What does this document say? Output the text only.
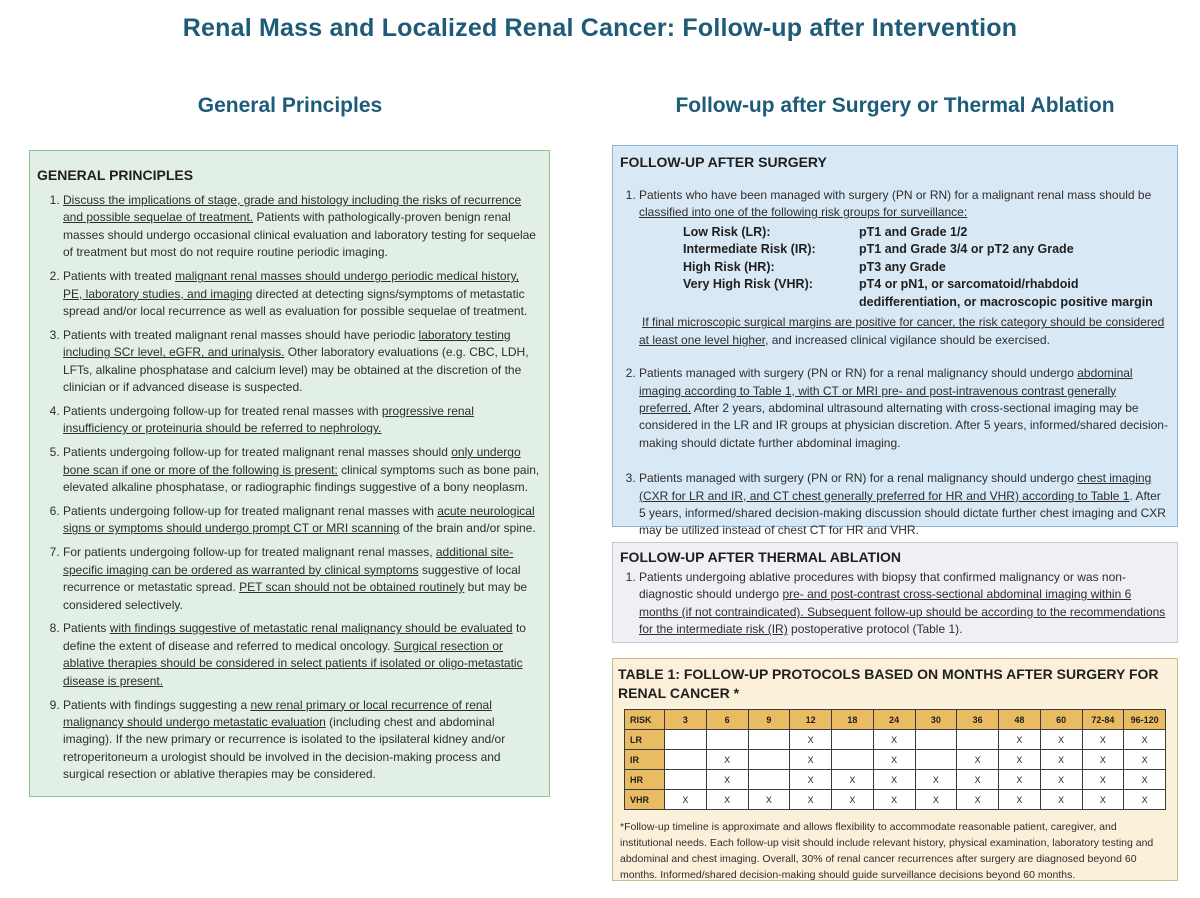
Renal Mass and Localized Renal Cancer: Follow-up after Intervention
General Principles	Follow-up after Surgery or Thermal Ablation
GENERAL PRINCIPLES
1. Discuss the implications of stage, grade and histology including the risks of recurrence and possible sequelae of treatment. Patients with pathologically-proven benign renal masses should undergo occasional clinical evaluation and laboratory testing for sequelae of treatment but most do not require routine periodic imaging.
2. Patients with treated malignant renal masses should undergo periodic medical history, PE, laboratory studies, and imaging directed at detecting signs/symptoms of metastatic spread and/or local recurrence as well as evaluation for possible sequelae of treatment.
3. Patients with treated malignant renal masses should have periodic laboratory testing including SCr level, eGFR, and urinalysis. Other laboratory evaluations (e.g. CBC, LDH, LFTs, alkaline phosphatase and calcium level) may be obtained at the discretion of the clinician or if advanced disease is suspected.
4. Patients undergoing follow-up for treated renal masses with progressive renal insufficiency or proteinuria should be referred to nephrology.
5. Patients undergoing follow-up for treated malignant renal masses should only undergo bone scan if one or more of the following is present: clinical symptoms such as bone pain, elevated alkaline phosphatase, or radiographic findings suggestive of a bony neoplasm.
6. Patients undergoing follow-up for treated malignant renal masses with acute neurological signs or symptoms should undergo prompt CT or MRI scanning of the brain and/or spine.
7. For patients undergoing follow-up for treated malignant renal masses, additional site-specific imaging can be ordered as warranted by clinical symptoms suggestive of local recurrence or metastatic spread. PET scan should not be obtained routinely but may be considered selectively.
8. Patients with findings suggestive of metastatic renal malignancy should be evaluated to define the extent of disease and referred to medical oncology. Surgical resection or ablative therapies should be considered in select patients if isolated or oligo-metastatic disease is present.
9. Patients with findings suggesting a new renal primary or local recurrence of renal malignancy should undergo metastatic evaluation (including chest and abdominal imaging). If the new primary or recurrence is isolated to the ipsilateral kidney and/or retroperitoneum a urologist should be involved in the decision-making process and surgical resection or ablative therapies may be considered.
FOLLOW-UP AFTER SURGERY
1. Patients who have been managed with surgery (PN or RN) for a malignant renal mass should be classified into one of the following risk groups for surveillance:
Low Risk (LR):	pT1 and Grade 1/2
Intermediate Risk (IR):	pT1 and Grade 3/4 or pT2 any Grade
High Risk (HR):	pT3 any Grade
Very High Risk (VHR):	pT4 or pN1, or sarcomatoid/rhabdoid dedifferentiation, or macroscopic positive margin
If final microscopic surgical margins are positive for cancer, the risk category should be considered at least one level higher, and increased clinical vigilance should be exercised.
2. Patients managed with surgery (PN or RN) for a renal malignancy should undergo abdominal imaging according to Table 1, with CT or MRI pre- and post-intravenous contrast generally preferred. After 2 years, abdominal ultrasound alternating with cross-sectional imaging may be considered in the LR and IR groups at physician discretion. After 5 years, informed/shared decision-making should dictate further abdominal imaging.
3. Patients managed with surgery (PN or RN) for a renal malignancy should undergo chest imaging (CXR for LR and IR, and CT chest generally preferred for HR and VHR) according to Table 1. After 5 years, informed/shared decision-making discussion should dictate further chest imaging and CXR may be utilized instead of chest CT for HR and VHR.
FOLLOW-UP AFTER THERMAL ABLATION
1. Patients undergoing ablative procedures with biopsy that confirmed malignancy or was non-diagnostic should undergo pre- and post-contrast cross-sectional abdominal imaging within 6 months (if not contraindicated). Subsequent follow-up should be according to the recommendations for the intermediate risk (IR) postoperative protocol (Table 1).
TABLE 1: FOLLOW-UP PROTOCOLS BASED ON MONTHS AFTER SURGERY FOR RENAL CANCER *
RISK	3	6	9	12	18	24	30	36	48	60	72-84	96-120
LR				X		X			X	X	X	X
IR		X		X		X		X	X	X	X	X
HR		X		X	X	X	X	X	X	X	X	X
VHR	X	X	X	X	X	X	X	X	X	X	X	X
*Follow-up timeline is approximate and allows flexibility to accommodate reasonable patient, caregiver, and institutional needs. Each follow-up visit should include relevant history, physical examination, laboratory testing and abdominal and chest imaging. Overall, 30% of renal cancer recurrences after surgery are diagnosed beyond 60 months. Informed/shared decision-making should guide surveillance decisions beyond 60 months.
